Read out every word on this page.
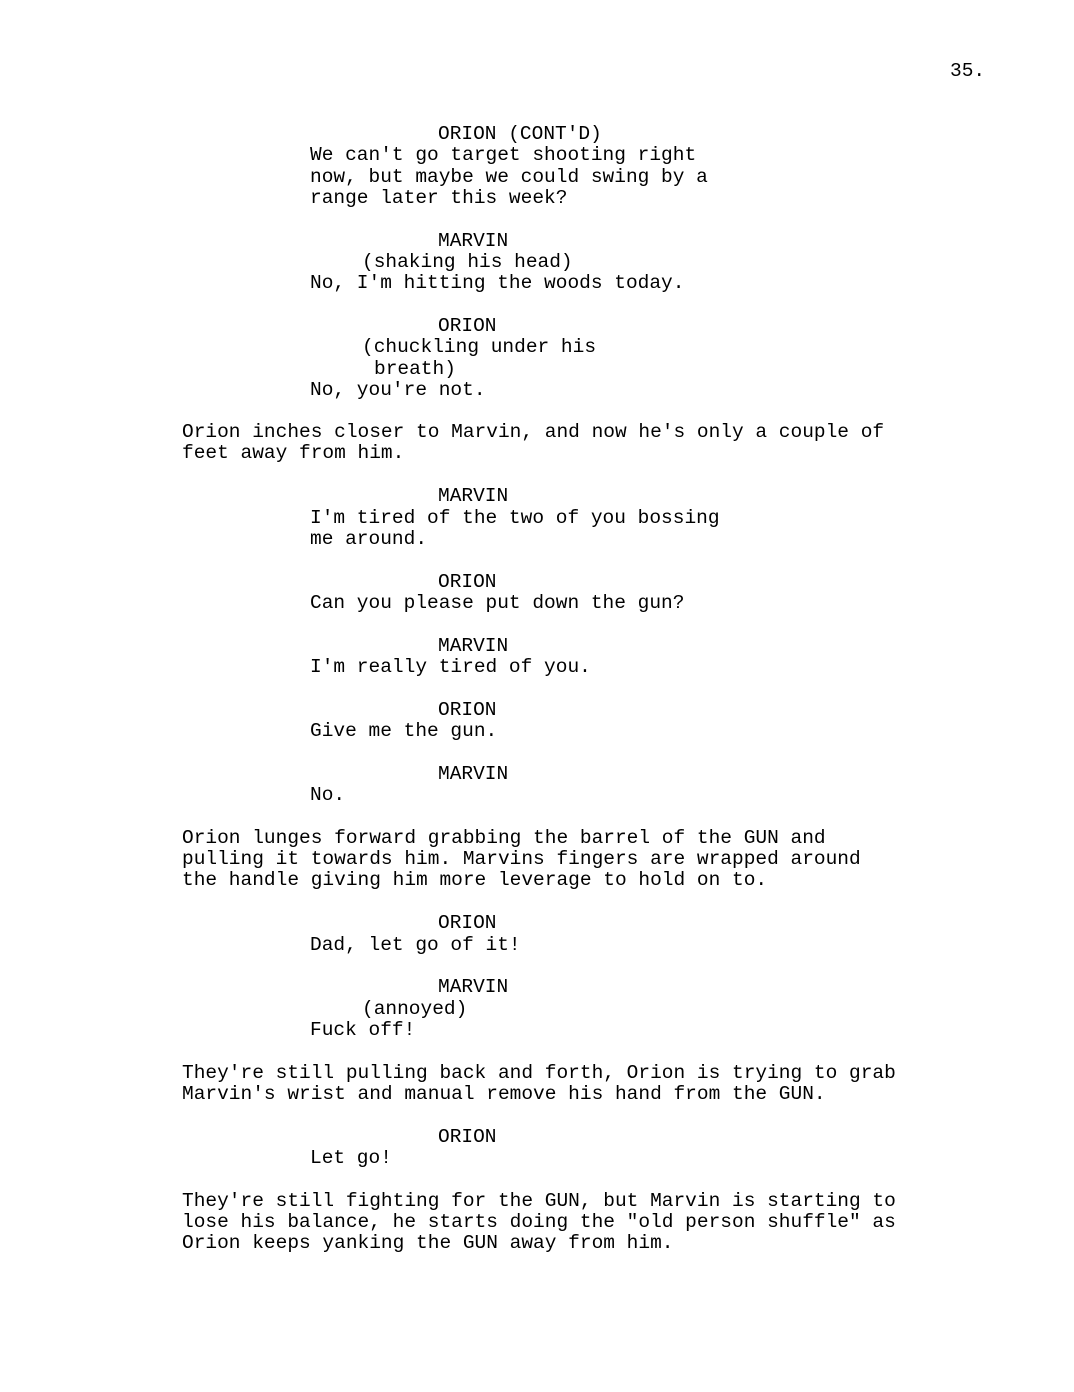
35.
ORION (CONT'D)
We can't go target shooting right
now, but maybe we could swing by a
range later this week?
MARVIN
(shaking his head)
No, I'm hitting the woods today.
ORION
(chuckling under his
breath)
No, you're not.
Orion inches closer to Marvin, and now he's only a couple of
feet away from him.
MARVIN
I'm tired of the two of you bossing
me around.
ORION
Can you please put down the gun?
MARVIN
I'm really tired of you.
ORION
Give me the gun.
MARVIN
No.
Orion lunges forward grabbing the barrel of the GUN and
pulling it towards him. Marvins fingers are wrapped around
the handle giving him more leverage to hold on to.
ORION
Dad, let go of it!
MARVIN
(annoyed)
Fuck off!
They're still pulling back and forth, Orion is trying to grab
Marvin's wrist and manual remove his hand from the GUN.
ORION
Let go!
They're still fighting for the GUN, but Marvin is starting to
lose his balance, he starts doing the "old person shuffle" as
Orion keeps yanking the GUN away from him.
